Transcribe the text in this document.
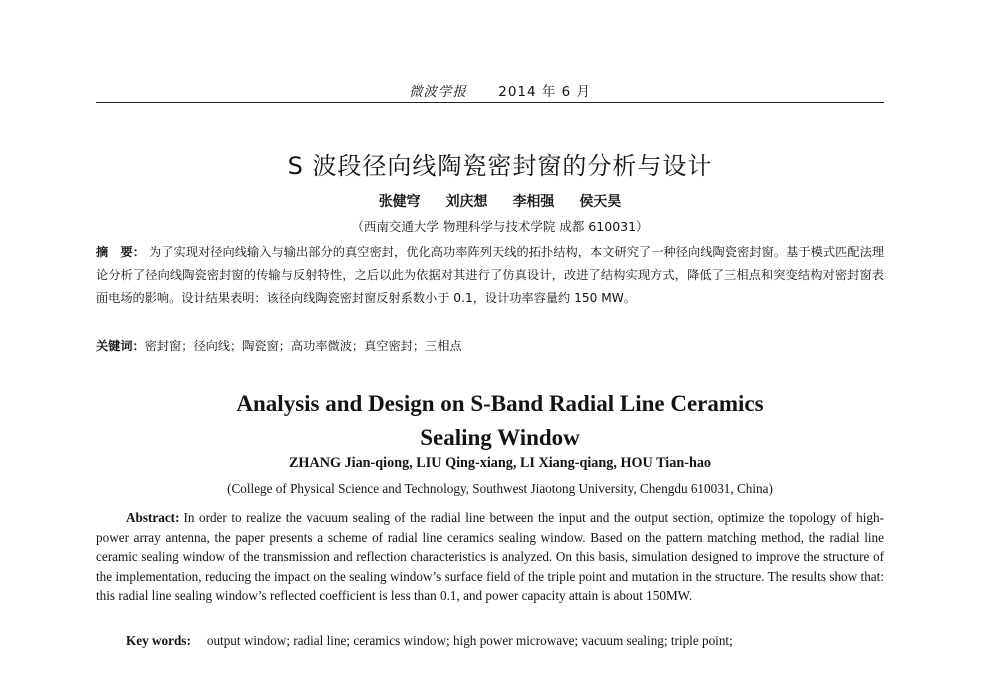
微波学报 2014 年 6 月
S 波段径向线陶瓷密封窗的分析与设计
张健穹 刘庆想 李相强 侯天昊
（西南交通大学 物理科学与技术学院 成都 610031）
摘　要： 为了实现对径向线输入与输出部分的真空密封，优化高功率阵列天线的拓扑结构，本文研究了一种径向线陶瓷密封窗。基于模式匹配法理论分析了径向线陶瓷密封窗的传输与反射特性，之后以此为依据对其进行了仿真设计，改进了结构实现方式，降低了三相点和突变结构对密封窗表面电场的影响。设计结果表明：该径向线陶瓷密封窗反射系数小于 0.1，设计功率容量约 150 MW。
关键词：密封窗；径向线；陶瓷窗；高功率微波；真空密封；三相点
Analysis and Design on S-Band Radial Line Ceramics
Sealing Window
ZHANG Jian-qiong, LIU Qing-xiang, LI Xiang-qiang, HOU Tian-hao
(College of Physical Science and Technology, Southwest Jiaotong University, Chengdu 610031, China)
Abstract: In order to realize the vacuum sealing of the radial line between the input and the output section, optimize the topology of high-power array antenna, the paper presents a scheme of radial line ceramics sealing window. Based on the pattern matching method, the radial line ceramic sealing window of the transmission and reflection characteristics is analyzed. On this basis, simulation designed to improve the structure of the implementation, reducing the impact on the sealing window’s surface field of the triple point and mutation in the structure. The results show that: this radial line sealing window’s reflected coefficient is less than 0.1, and power capacity attain is about 150MW.
Key words: output window; radial line; ceramics window; high power microwave; vacuum sealing; triple point;
